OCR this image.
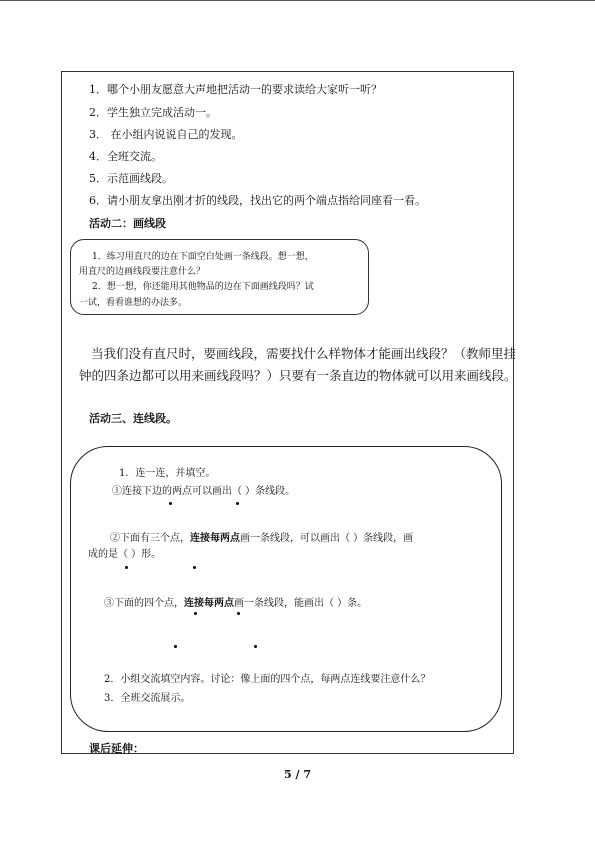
1．哪个小朋友愿意大声地把活动一的要求读给大家听一听？
2．学生独立完成活动一。
3． 在小组内说说自己的发现。
4．全班交流。
5．示范画线段。
6．请小朋友拿出刚才折的线段，找出它的两个端点指给同座看一看。
活动二：画线段
1．练习用直尺的边在下面空白处画一条线段。想一想，
用直尺的边画线段要注意什么？
2．想一想，你还能用其他物品的边在下面画线段吗？试
一试，看看谁想的办法多。
当我们没有直尺时，要画线段，需要找什么样物体才能画出线段？（教师里挂
钟的四条边都可以用来画线段吗？）只要有一条直边的物体就可以用来画线段。
活动三、连线段。
1．连一连，并填空。
①连接下边的两点可以画出（ ）条线段。
②下面有三个点，连接每两点画一条线段，可以画出（ ）条线段，画
成的是（ ）形。
③下面的四个点，连接每两点画一条线段，能画出（ ）条。
2．小组交流填空内容。讨论：像上面的四个点，每两点连线要注意什么？
3．全班交流展示。
课后延伸：
5 / 7
